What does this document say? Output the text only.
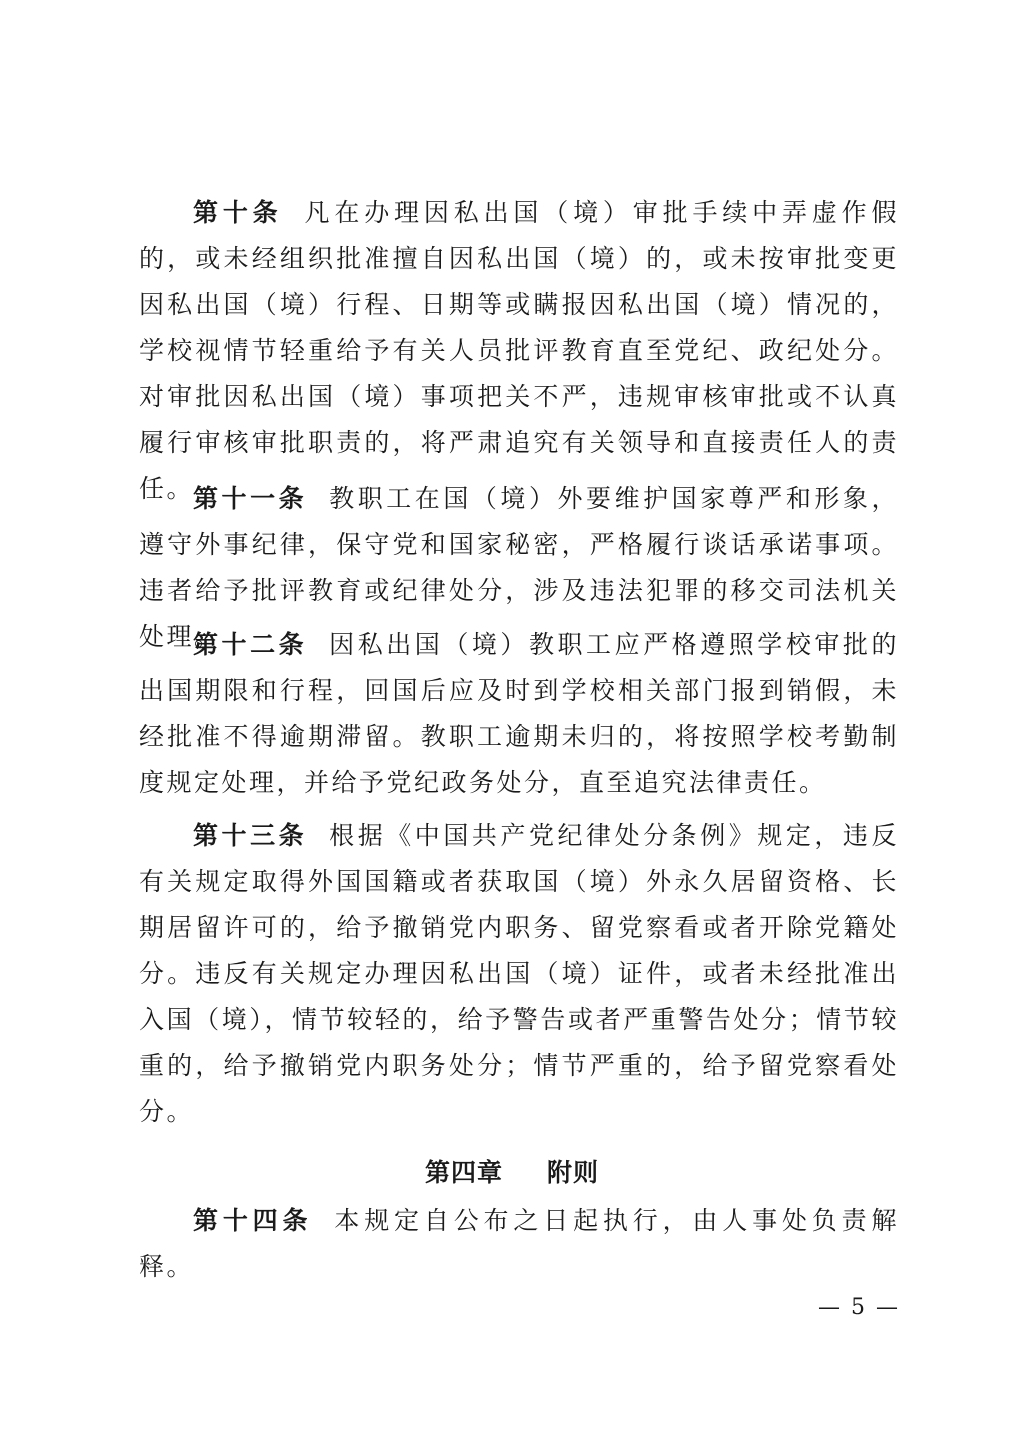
第十条 凡在办理因私出国（境）审批手续中弄虚作假的，或未经组织批准擅自因私出国（境）的，或未按审批变更因私出国（境）行程、日期等或瞒报因私出国（境）情况的，学校视情节轻重给予有关人员批评教育直至党纪、政纪处分。对审批因私出国（境）事项把关不严，违规审核审批或不认真履行审核审批职责的，将严肃追究有关领导和直接责任人的责任。

第十一条 教职工在国（境）外要维护国家尊严和形象，遵守外事纪律，保守党和国家秘密，严格履行谈话承诺事项。违者给予批评教育或纪律处分，涉及违法犯罪的移交司法机关处理。

第十二条 因私出国（境）教职工应严格遵照学校审批的出国期限和行程，回国后应及时到学校相关部门报到销假，未经批准不得逾期滞留。教职工逾期未归的，将按照学校考勤制度规定处理，并给予党纪政务处分，直至追究法律责任。

第十三条 根据《中国共产党纪律处分条例》规定，违反有关规定取得外国国籍或者获取国（境）外永久居留资格、长期居留许可的，给予撤销党内职务、留党察看或者开除党籍处分。违反有关规定办理因私出国（境）证件，或者未经批准出入国（境），情节较轻的，给予警告或者严重警告处分；情节较重的，给予撤销党内职务处分；情节严重的，给予留党察看处分。

第四章 附则

第十四条 本规定自公布之日起执行，由人事处负责解释。

— 5 —
